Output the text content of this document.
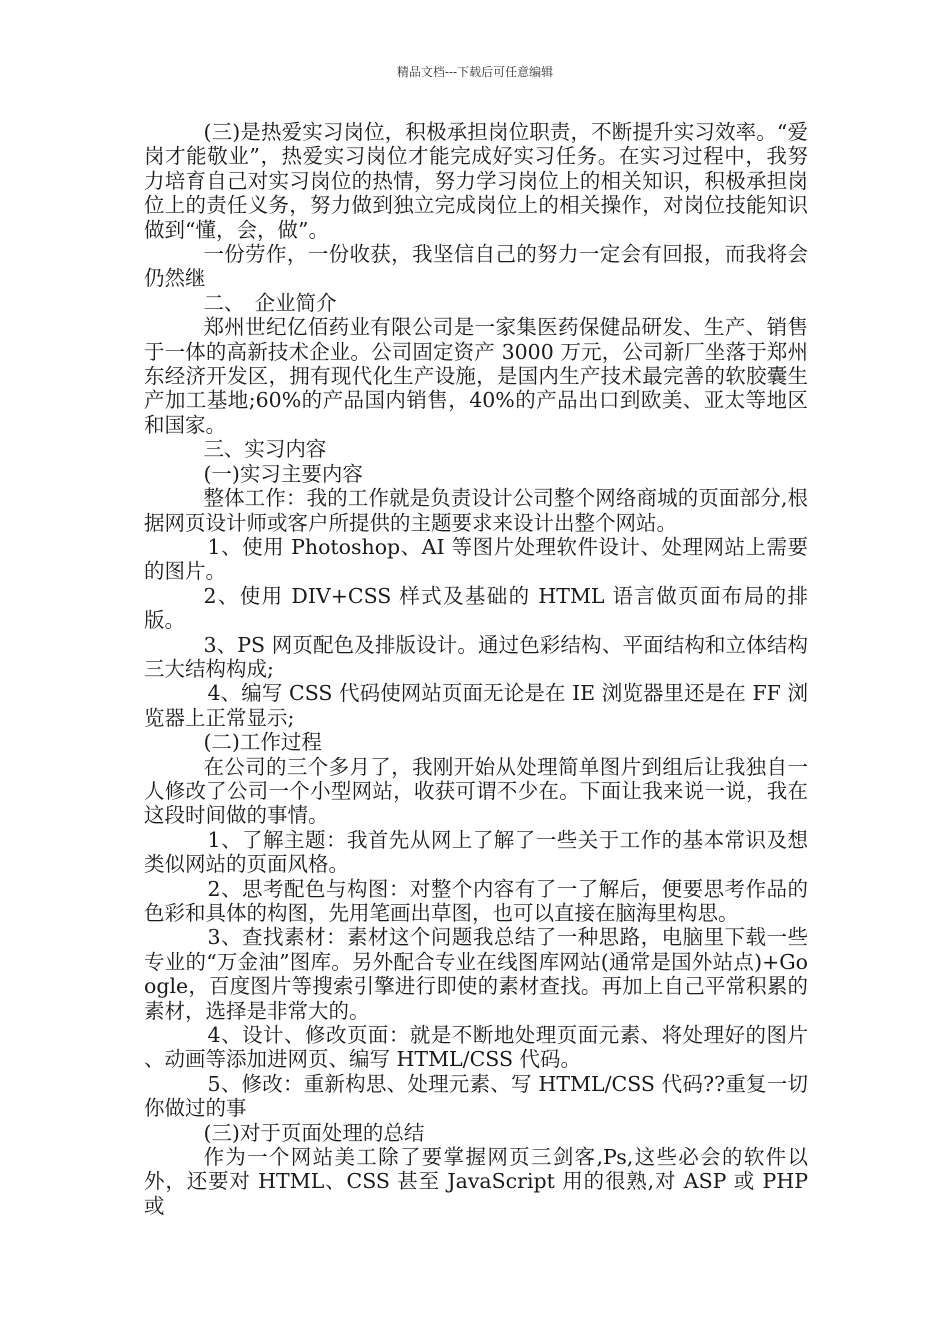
精品文档---下载后可任意编辑

(三)是热爱实习岗位，积极承担岗位职责，不断提升实习效率。“爱岗才能敬业”，热爱实习岗位才能完成好实习任务。在实习过程中，我努力培育自己对实习岗位的热情，努力学习岗位上的相关知识，积极承担岗位上的责任义务，努力做到独立完成岗位上的相关操作，对岗位技能知识做到“懂，会，做”。

一份劳作，一份收获，我坚信自己的努力一定会有回报，而我将会仍然继

二、　企业简介

郑州世纪亿佰药业有限公司是一家集医药保健品研发、生产、销售于一体的高新技术企业。公司固定资产 3000 万元，公司新厂坐落于郑州东经济开发区，拥有现代化生产设施，是国内生产技术最完善的软胶囊生产加工基地;60%的产品国内销售，40%的产品出口到欧美、亚太等地区和国家。

三、实习内容

(一)实习主要内容

整体工作：我的工作就是负责设计公司整个网络商城的页面部分,根据网页设计师或客户所提供的主题要求来设计出整个网站。

1、使用 Photoshop、AI 等图片处理软件设计、处理网站上需要的图片。

2、使用 DIV+CSS 样式及基础的 HTML 语言做页面布局的排版。

3、PS 网页配色及排版设计。通过色彩结构、平面结构和立体结构三大结构构成;

4、编写 CSS 代码使网站页面无论是在 IE 浏览器里还是在 FF 浏览器上正常显示;

(二)工作过程

在公司的三个多月了，我刚开始从处理简单图片到组后让我独自一人修改了公司一个小型网站，收获可谓不少在。下面让我来说一说，我在这段时间做的事情。

1、了解主题：我首先从网上了解了一些关于工作的基本常识及想类似网站的页面风格。

2、思考配色与构图：对整个内容有了一了解后，便要思考作品的色彩和具体的构图，先用笔画出草图，也可以直接在脑海里构思。

3、查找素材：素材这个问题我总结了一种思路，电脑里下载一些专业的“万金油”图库。另外配合专业在线图库网站(通常是国外站点)+Google，百度图片等搜索引擎进行即使的素材查找。再加上自己平常积累的素材，选择是非常大的。

4、设计、修改页面：就是不断地处理页面元素、将处理好的图片 、动画等添加进网页、编写 HTML/CSS 代码。

5、修改：重新构思、处理元素、写 HTML/CSS 代码??重复一切你做过的事

(三)对于页面处理的总结

作为一个网站美工除了要掌握网页三剑客,Ps,这些必会的软件以外，还要对 HTML、CSS 甚至 JavaScript 用的很熟,对 ASP 或 PHP 或
